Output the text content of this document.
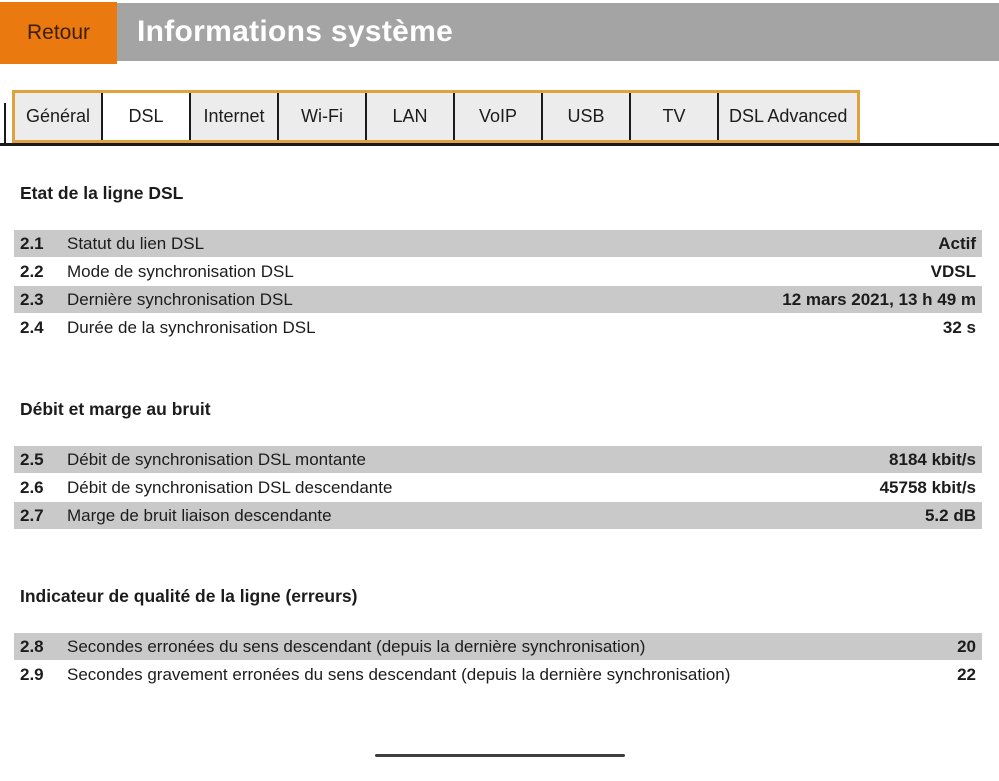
Retour	Informations système
Général DSL Internet Wi-Fi	LAN	VoIP	USB	TV DSL Advanced
Etat de la ligne DSL
2.1	Statut du lien DSL	Actif
2.2	Mode de synchronisation DSL	VDSL
2.3	Dernière synchronisation DSL	12 mars 2021, 13 h 49 m
2.4	Durée de la synchronisation DSL	32 s
Débit et marge au bruit
2.5	Débit de synchronisation DSL montante	8184 kbit/s
2.6	Débit de synchronisation DSL descendante	45758 kbit/s
2.7	Marge de bruit liaison descendante	5.2 dB
Indicateur de qualité de la ligne (erreurs)
2.8	Secondes erronées du sens descendant (depuis la dernière synchronisation)	20
2.9	Secondes gravement erronées du sens descendant (depuis la dernière synchronisation)	22
